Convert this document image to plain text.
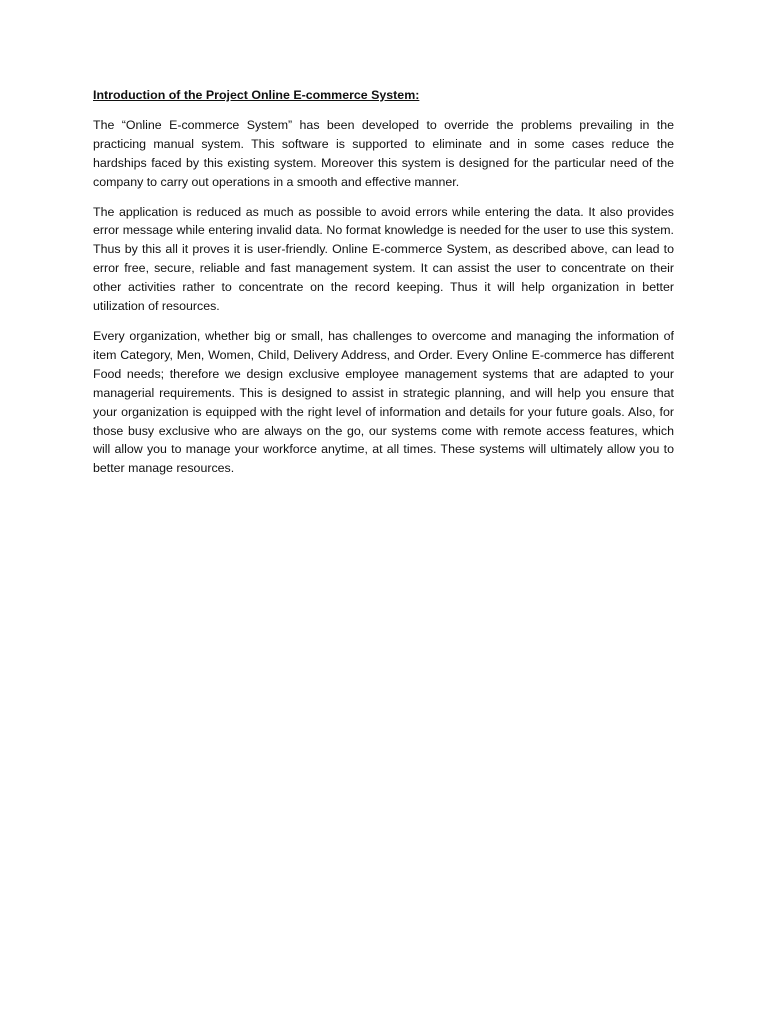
Introduction of the Project Online E-commerce System:

The “Online E-commerce System” has been developed to override the problems prevailing in the practicing manual system. This software is supported to eliminate and in some cases reduce the hardships faced by this existing system. Moreover this system is designed for the particular need of the company to carry out operations in a smooth and effective manner.

The application is reduced as much as possible to avoid errors while entering the data. It also provides error message while entering invalid data. No format knowledge is needed for the user to use this system. Thus by this all it proves it is user-friendly. Online E-commerce System, as described above, can lead to error free, secure, reliable and fast management system. It can assist the user to concentrate on their other activities rather to concentrate on the record keeping. Thus it will help organization in better utilization of resources.

Every organization, whether big or small, has challenges to overcome and managing the information of item Category, Men, Women, Child, Delivery Address, and Order. Every Online E-commerce has different Food needs; therefore we design exclusive employee management systems that are adapted to your managerial requirements. This is designed to assist in strategic planning, and will help you ensure that your organization is equipped with the right level of information and details for your future goals. Also, for those busy exclusive who are always on the go, our systems come with remote access features, which will allow you to manage your workforce anytime, at all times. These systems will ultimately allow you to better manage resources.
